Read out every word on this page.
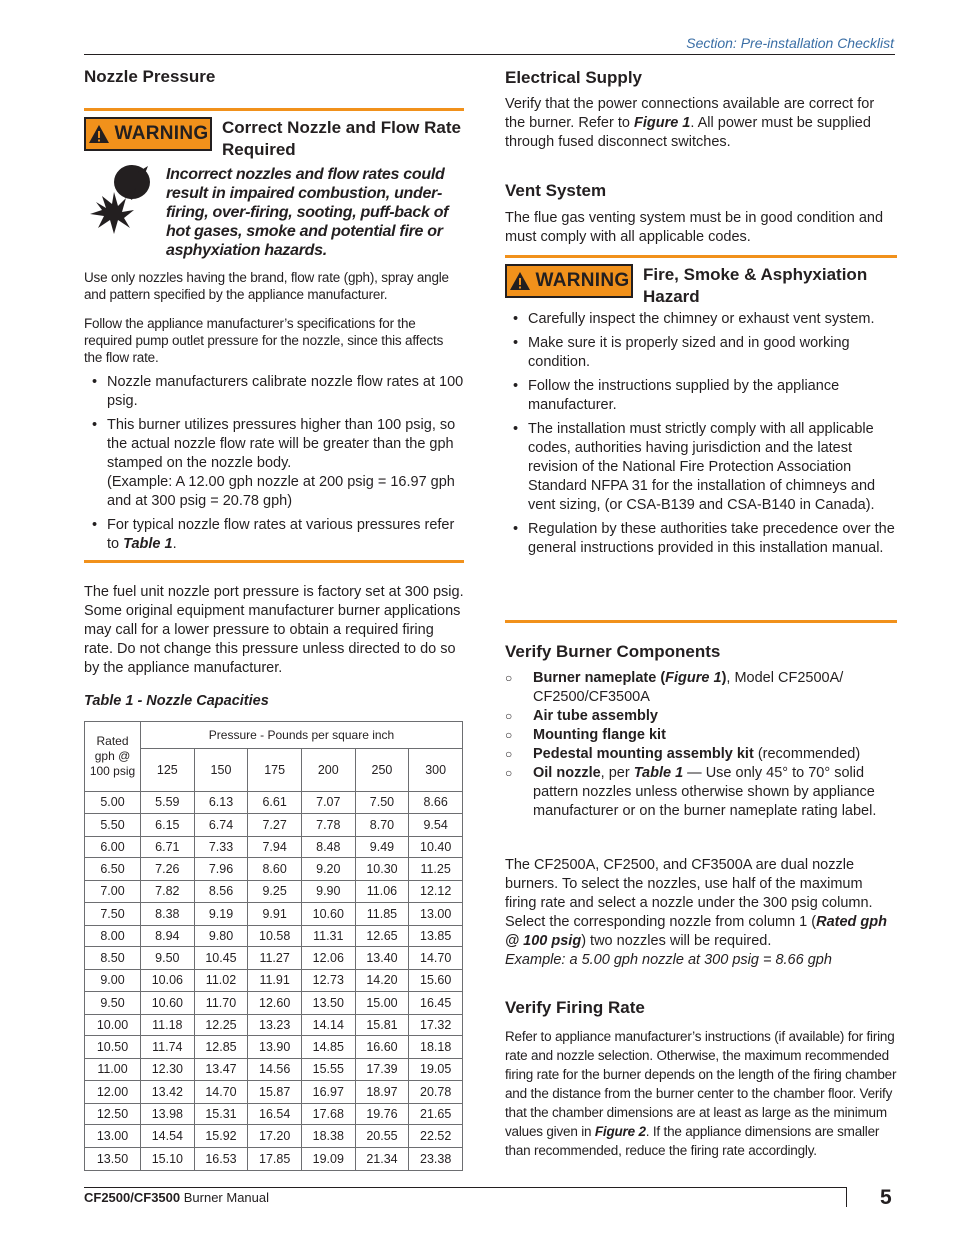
Section: Pre-installation Checklist
Nozzle Pressure
WARNING Correct Nozzle and Flow Rate Required
Incorrect nozzles and flow rates could result in impaired combustion, under-firing, over-firing, sooting, puff-back of hot gases, smoke and potential fire or asphyxiation hazards.

Use only nozzles having the brand, flow rate (gph), spray angle and pattern specified by the appliance manufacturer.

Follow the appliance manufacturer’s specifications for the required pump outlet pressure for the nozzle, since this affects the flow rate.

• Nozzle manufacturers calibrate nozzle flow rates at 100 psig.
• This burner utilizes pressures higher than 100 psig, so the actual nozzle flow rate will be greater than the gph stamped on the nozzle body.
(Example: A 12.00 gph nozzle at 200 psig = 16.97 gph and at 300 psig = 20.78 gph)
• For typical nozzle flow rates at various pressures refer to Table 1.

The fuel unit nozzle port pressure is factory set at 300 psig. Some original equipment manufacturer burner applications may call for a lower pressure to obtain a required firing rate. Do not change this pressure unless directed to do so by the appliance manufacturer.

Table 1 - Nozzle Capacities

Rated gph @ 100 psig	Pressure - Pounds per square inch					
	125	150	175	200	250	300
5.00	5.59	6.13	6.61	7.07	7.50	8.66
5.50	6.15	6.74	7.27	7.78	8.70	9.54
6.00	6.71	7.33	7.94	8.48	9.49	10.40
6.50	7.26	7.96	8.60	9.20	10.30	11.25
7.00	7.82	8.56	9.25	9.90	11.06	12.12
7.50	8.38	9.19	9.91	10.60	11.85	13.00
8.00	8.94	9.80	10.58	11.31	12.65	13.85
8.50	9.50	10.45	11.27	12.06	13.40	14.70
9.00	10.06	11.02	11.91	12.73	14.20	15.60
9.50	10.60	11.70	12.60	13.50	15.00	16.45
10.00	11.18	12.25	13.23	14.14	15.81	17.32
10.50	11.74	12.85	13.90	14.85	16.60	18.18
11.00	12.30	13.47	14.56	15.55	17.39	19.05
12.00	13.42	14.70	15.87	16.97	18.97	20.78
12.50	13.98	15.31	16.54	17.68	19.76	21.65
13.00	14.54	15.92	17.20	18.38	20.55	22.52
13.50	15.10	16.53	17.85	19.09	21.34	23.38
Electrical Supply

Verify that the power connections available are correct for the burner. Refer to Figure 1. All power must be supplied through fused disconnect switches.

Vent System

The flue gas venting system must be in good condition and must comply with all applicable codes.

WARNING Fire, Smoke & Asphyxiation Hazard
• Carefully inspect the chimney or exhaust vent system.
• Make sure it is properly sized and in good working condition.
• Follow the instructions supplied by the appliance manufacturer.
• The installation must strictly comply with all applicable codes, authorities having jurisdiction and the latest revision of the National Fire Protection Association Standard NFPA 31 for the installation of chimneys and vent sizing, (or CSA-B139 and CSA-B140 in Canada).
• Regulation by these authorities take precedence over the general instructions provided in this installation manual.
Verify Burner Components
○ Burner nameplate (Figure 1), Model CF2500A/ CF2500/CF3500A
○ Air tube assembly
○ Mounting flange kit
○ Pedestal mounting assembly kit (recommended)
○ Oil nozzle, per Table 1 — Use only 45° to 70° solid pattern nozzles unless otherwise shown by appliance manufacturer or on the burner nameplate rating label.

The CF2500A, CF2500, and CF3500A are dual nozzle burners. To select the nozzles, use half of the maximum firing rate and select a nozzle under the 300 psig column. Select the corresponding nozzle from column 1 (Rated gph @ 100 psig) two nozzles will be required.
Example: a 5.00 gph nozzle at 300 psig = 8.66 gph

Verify Firing Rate

Refer to appliance manufacturer’s instructions (if available) for firing rate and nozzle selection. Otherwise, the maximum recommended firing rate for the burner depends on the length of the firing chamber and the distance from the burner center to the chamber floor. Verify that the chamber dimensions are at least as large as the minimum values given in Figure 2. If the appliance dimensions are smaller than recommended, reduce the firing rate accordingly.

CF2500/CF3500 Burner Manual	5
